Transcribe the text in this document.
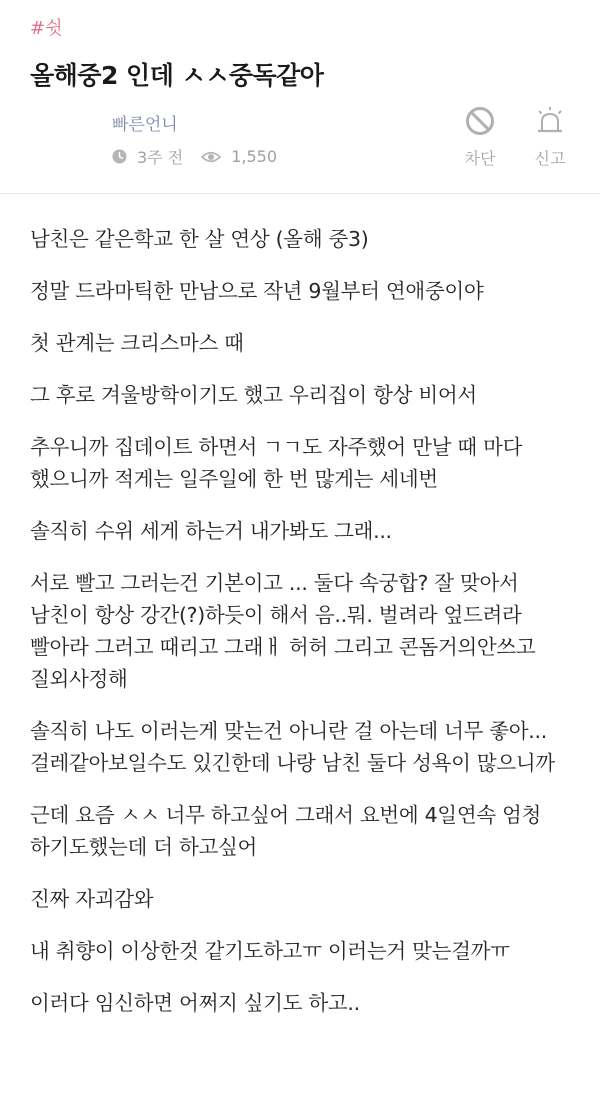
#쉿
올해중2 인데 ㅅㅅ중독같아
빠른언니
3주 전	1,550	차단 신고

남친은 같은학교 한 살 연상 (올해 중3)

정말 드라마틱한 만남으로 작년 9월부터 연애중이야

첫 관계는 크리스마스 때

그 후로 겨울방학이기도 했고 우리집이 항상 비어서

추우니까 집데이트 하면서 ㄱㄱ도 자주했어 만날 때 마다 했으니까 적게는 일주일에 한 번 많게는 세네번

솔직히 수위 세게 하는거 내가봐도 그래...

서로 빨고 그러는건 기본이고 ... 둘다 속궁합? 잘 맞아서 남친이 항상 강간(?)하듯이 해서 음..뭐. 벌려라 엎드려라 빨아라 그러고 때리고 그래ㅐ 허허 그리고 콘돔거의안쓰고 질외사정해

솔직히 나도 이러는게 맞는건 아니란 걸 아는데 너무 좋아... 걸레같아보일수도 있긴한데 나랑 남친 둘다 성욕이 많으니까

근데 요즘 ㅅㅅ 너무 하고싶어 그래서 요번에 4일연속 엄청 하기도했는데 더 하고싶어

진짜 자괴감와

내 취향이 이상한것 같기도하고ㅠ 이러는거 맞는걸까ㅠ

이러다 임신하면 어쩌지 싶기도 하고..
